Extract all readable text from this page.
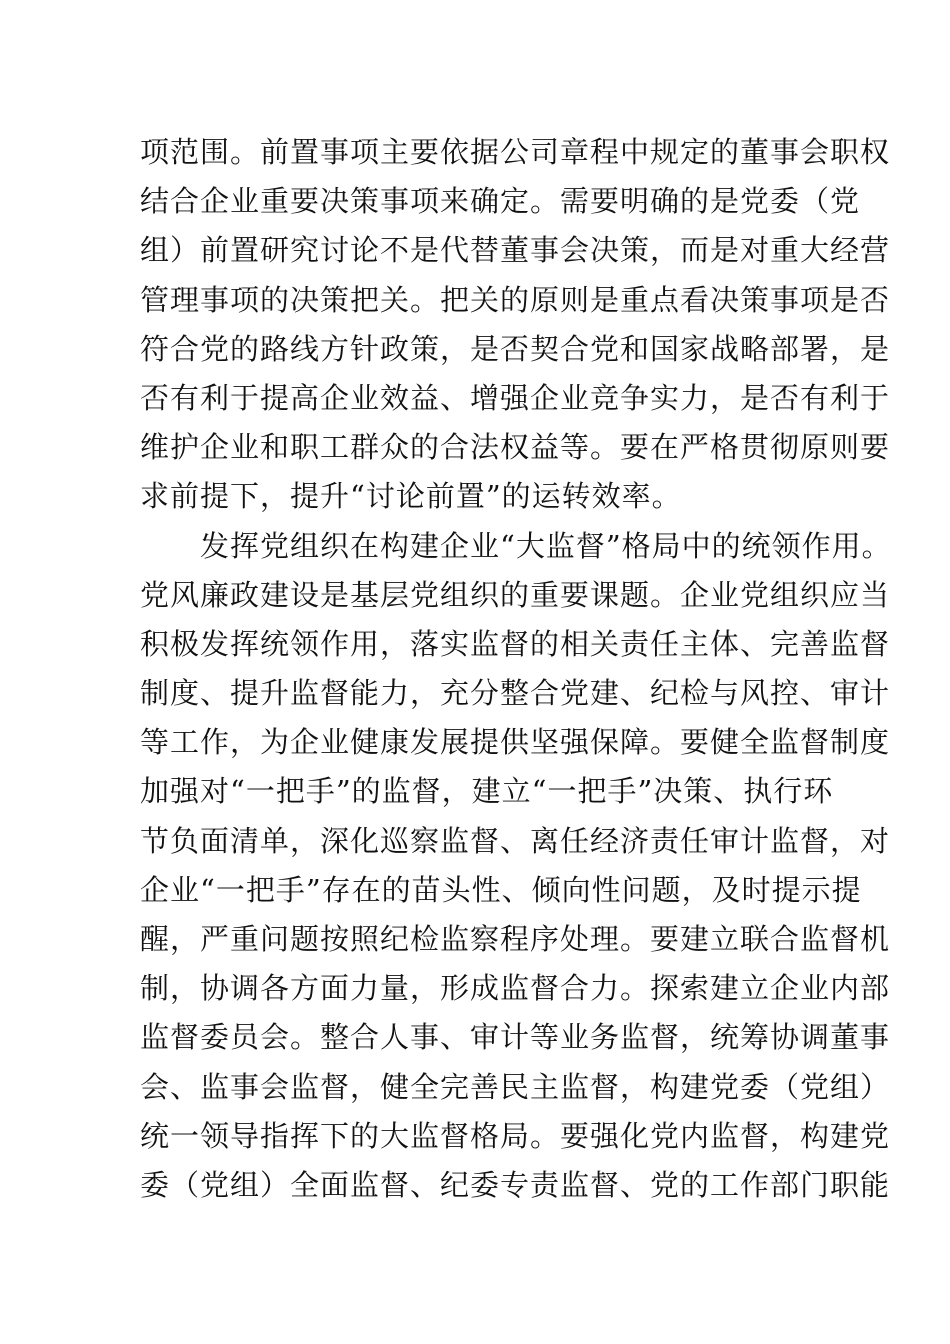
项范围。前置事项主要依据公司章程中规定的董事会职权
结合企业重要决策事项来确定。需要明确的是党委（党
组）前置研究讨论不是代替董事会决策，而是对重大经营
管理事项的决策把关。把关的原则是重点看决策事项是否
符合党的路线方针政策，是否契合党和国家战略部署，是
否有利于提高企业效益、增强企业竞争实力，是否有利于
维护企业和职工群众的合法权益等。要在严格贯彻原则要
求前提下，提升“讨论前置”的运转效率。
　　发挥党组织在构建企业“大监督”格局中的统领作用。
党风廉政建设是基层党组织的重要课题。企业党组织应当
积极发挥统领作用，落实监督的相关责任主体、完善监督
制度、提升监督能力，充分整合党建、纪检与风控、审计
等工作，为企业健康发展提供坚强保障。要健全监督制度
加强对“一把手”的监督，建立“一把手”决策、执行环
节负面清单，深化巡察监督、离任经济责任审计监督，对
企业“一把手”存在的苗头性、倾向性问题，及时提示提
醒，严重问题按照纪检监察程序处理。要建立联合监督机
制，协调各方面力量，形成监督合力。探索建立企业内部
监督委员会。整合人事、审计等业务监督，统筹协调董事
会、监事会监督，健全完善民主监督，构建党委（党组）
统一领导指挥下的大监督格局。要强化党内监督，构建党
委（党组）全面监督、纪委专责监督、党的工作部门职能
